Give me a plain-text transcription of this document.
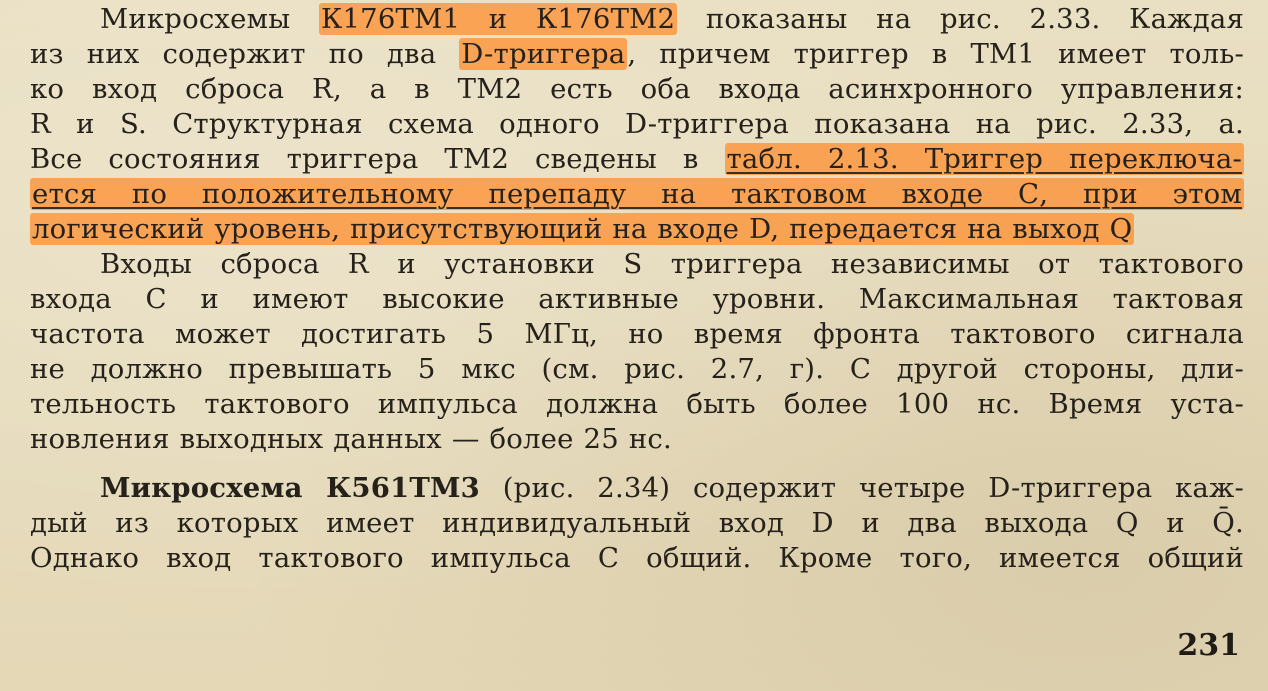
Микросхемы К176ТМ1 и К176ТМ2 показаны на рис. 2.33. Каждая
из них содержит по два D-триггера, причем триггер в ТМ1 имеет толь-
ко вход сброса R, а в ТМ2 есть оба входа асинхронного управления:
R и S. Структурная схема одного D-триггера показана на рис. 2.33, а.
Все состояния триггера ТМ2 сведены в табл. 2.13. Триггер переключа-
ется по положительному перепаду на тактовом входе С, при этом
логический уровень, присутствующий на входе D, передается на выход Q
Входы сброса R и установки S триггера независимы от тактового
входа С и имеют высокие активные уровни. Максимальная тактовая
частота может достигать 5 МГц, но время фронта тактового сигнала
не должно превышать 5 мкс (см. рис. 2.7, г). С другой стороны, дли-
тельность тактового импульса должна быть более 100 нс. Время уста-
новления выходных данных — более 25 нс.
Микросхема К561ТМ3 (рис. 2.34) содержит четыре D-триггера каж-
дый из которых имеет индивидуальный вход D и два выхода Q и Q̄.
Однако вход тактового импульса С общий. Кроме того, имеется общий
231
